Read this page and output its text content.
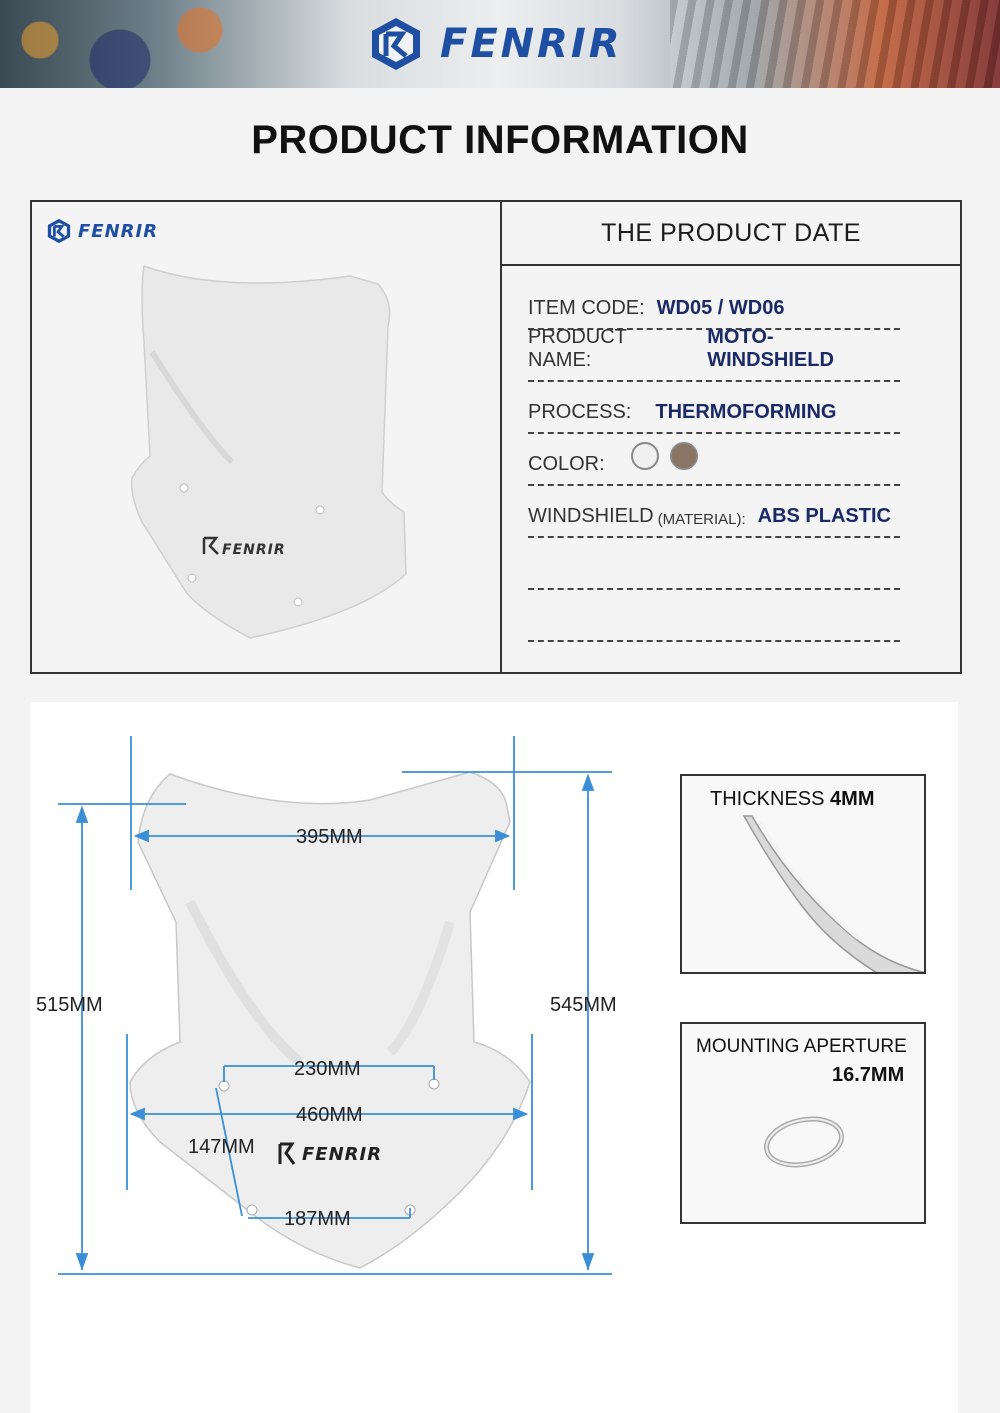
FENRIR
PRODUCT INFORMATION
FENRIR
FENRIR
THE PRODUCT DATE
ITEM CODE: WD05 / WD06
PRODUCT NAME:
MOTO-WINDSHIELD
PROCESS: THERMOFORMING
COLOR:

WINDSHIELD (MATERIAL): ABS PLASTIC
FENRIR
395MM
515MM	545MM
230MM
460MM
147MM
187MM
THICKNESS 4MM
MOUNTING APERTURE
16.7MM
